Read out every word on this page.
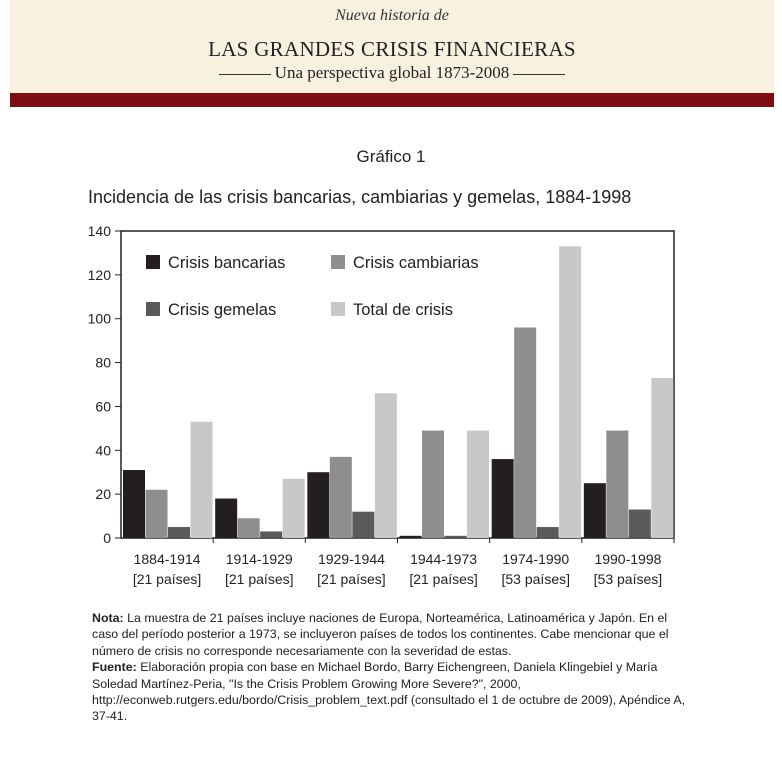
Nueva historia de
LAS GRANDES CRISIS FINANCIERAS
Una perspectiva global 1873-2008
Gráfico 1
Incidencia de las crisis bancarias, cambiarias y gemelas, 1884-1998
0
20
40
60
80
100
120
140
1884-1914
[21 países]
1914-1929
[21 países]
1929-1944
[21 países]
1944-1973
[21 países]
1974-1990
[53 países]
1990-1998
[53 países]
Crisis bancarias	Crisis cambiarias
Crisis gemelas	Total de crisis

Nota: La muestra de 21 países incluye naciones de Europa, Norteamérica, Latinoamérica y Japón. En el caso del período posterior a 1973, se incluyeron países de todos los continentes. Cabe mencionar que el número de crisis no corresponde necesariamente con la severidad de estas.

Fuente: Elaboración propia con base en Michael Bordo, Barry Eichengreen, Daniela Klingebiel y María Soledad Martínez-Peria, "Is the Crisis Problem Growing More Severe?", 2000, http://econweb.rutgers.edu/bordo/Crisis_problem_text.pdf (consultado el 1 de octubre de 2009), Apéndice A, 37-41.
